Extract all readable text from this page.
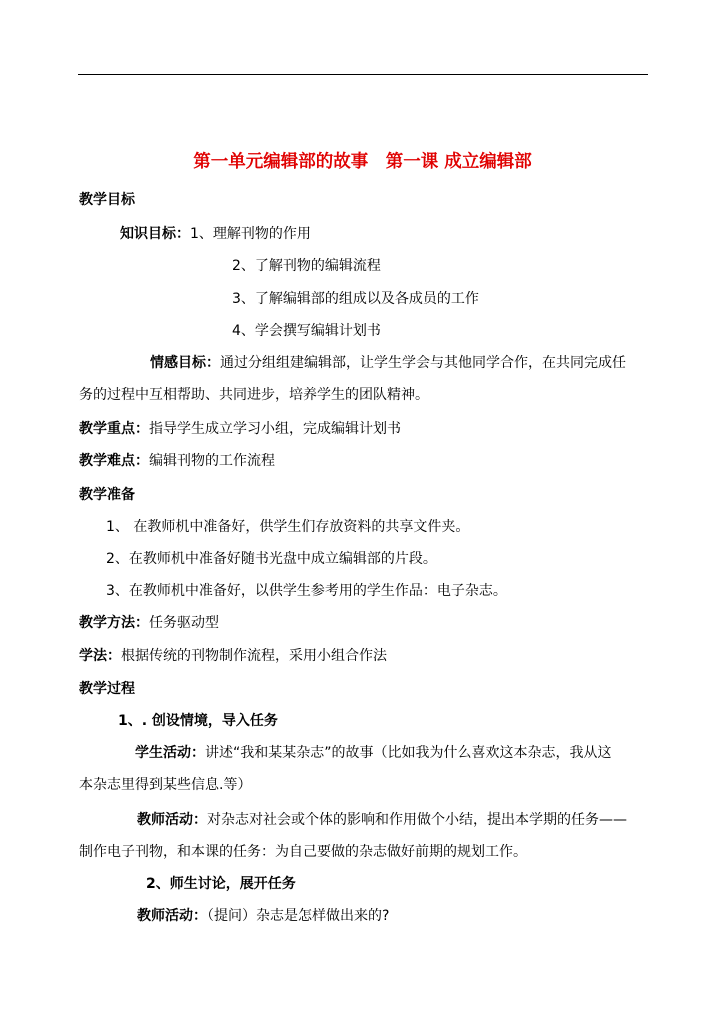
第一单元编辑部的故事　第一课 成立编辑部
教学目标
知识目标：1、理解刊物的作用
2、了解刊物的编辑流程
3、了解编辑部的组成以及各成员的工作
4、学会撰写编辑计划书
情感目标：通过分组组建编辑部，让学生学会与其他同学合作，在共同完成任
务的过程中互相帮助、共同进步，培养学生的团队精神。
教学重点：指导学生成立学习小组，完成编辑计划书
教学难点：编辑刊物的工作流程
教学准备
1、 在教师机中准备好，供学生们存放资料的共享文件夹。
2、在教师机中准备好随书光盘中成立编辑部的片段。
3、在教师机中准备好，以供学生参考用的学生作品：电子杂志。
教学方法：任务驱动型
学法：根据传统的刊物制作流程，采用小组合作法
教学过程
1、. 创设情境，导入任务
学生活动：讲述“我和某某杂志”的故事（比如我为什么喜欢这本杂志，我从这
本杂志里得到某些信息.等）
教师活动：对杂志对社会或个体的影响和作用做个小结，提出本学期的任务——
制作电子刊物，和本课的任务：为自己要做的杂志做好前期的规划工作。
2、师生讨论，展开任务
教师活动：（提问）杂志是怎样做出来的?
